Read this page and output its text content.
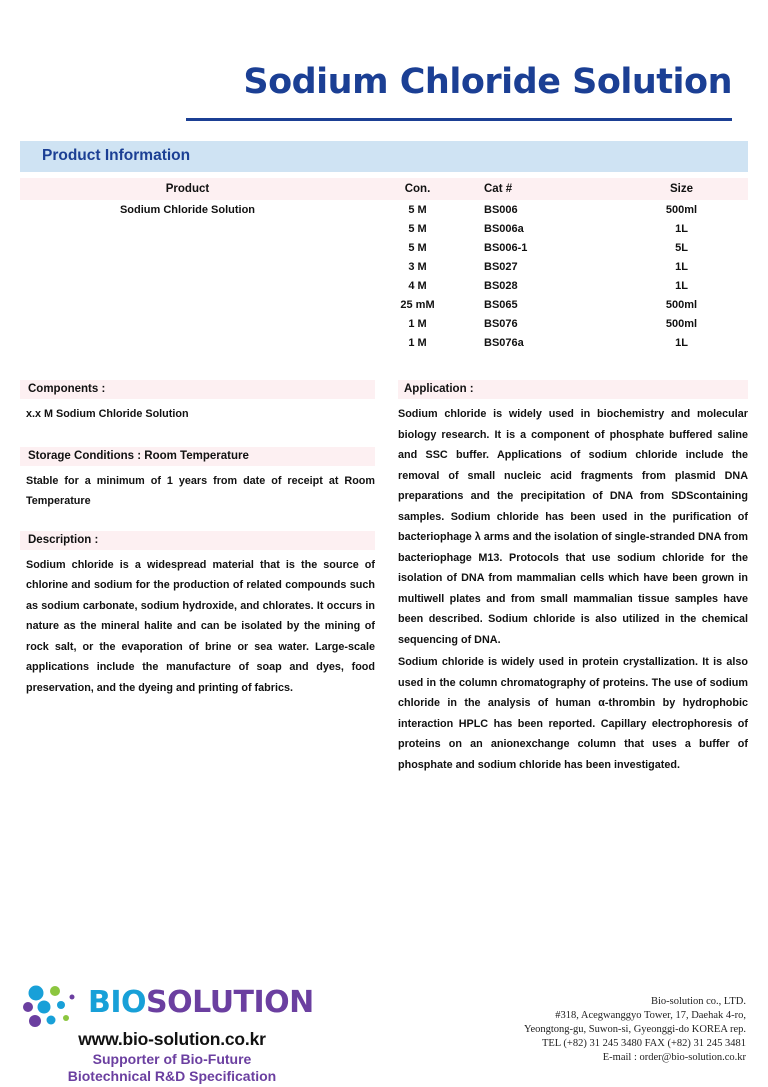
Sodium Chloride Solution
Product Information
Product	Con.	Cat #	Size
Sodium Chloride Solution	5 M	BS006	500ml
	5 M	BS006a	1L
	5 M	BS006-1	5L
	3 M	BS027	1L
	4 M	BS028	1L
	25 mM	BS065	500ml
	1 M	BS076	500ml
	1 M	BS076a	1L
Components :

x.x M Sodium Chloride Solution

Storage Conditions : Room Temperature

Stable for a minimum of 1 years from date of receipt at Room Temperature

Description :

Sodium chloride is a widespread material that is the source of chlorine and sodium for the production of related compounds such as sodium carbonate, sodium hydroxide, and chlorates. It occurs in nature as the mineral halite and can be isolated by the mining of rock salt, or the evaporation of brine or sea water. Large-scale applications include the manufacture of soap and dyes, food preservation, and the dyeing and printing of fabrics.

Application :

Sodium chloride is widely used in biochemistry and molecular biology research. It is a component of phosphate buffered saline and SSC buffer. Applications of sodium chloride include the removal of small nucleic acid fragments from plasmid DNA preparations and the precipitation of DNA from SDScontaining samples. Sodium chloride has been used in the purification of bacteriophage λ arms and the isolation of single-stranded DNA from bacteriophage M13. Protocols that use sodium chloride for the isolation of DNA from mammalian cells which have been grown in multiwell plates and from small mammalian tissue samples have been described. Sodium chloride is also utilized in the chemical sequencing of DNA.

Sodium chloride is widely used in protein crystallization. It is also used in the column chromatography of proteins. The use of sodium chloride in the analysis of human α-thrombin by hydrophobic interaction HPLC has been reported. Capillary electrophoresis of proteins on an anionexchange column that uses a buffer of phosphate and sodium chloride has been investigated.

BIOSOLUTION
www.bio-solution.co.kr
Supporter of Bio-Future
Biotechnical R&D Specification
Bio-solution co., LTD.
#318, Acegwanggyo Tower, 17, Daehak 4-ro,
Yeongtong-gu, Suwon-si, Gyeonggi-do KOREA rep.
TEL (+82) 31 245 3480 FAX (+82) 31 245 3481
E-mail : order@bio-solution.co.kr
